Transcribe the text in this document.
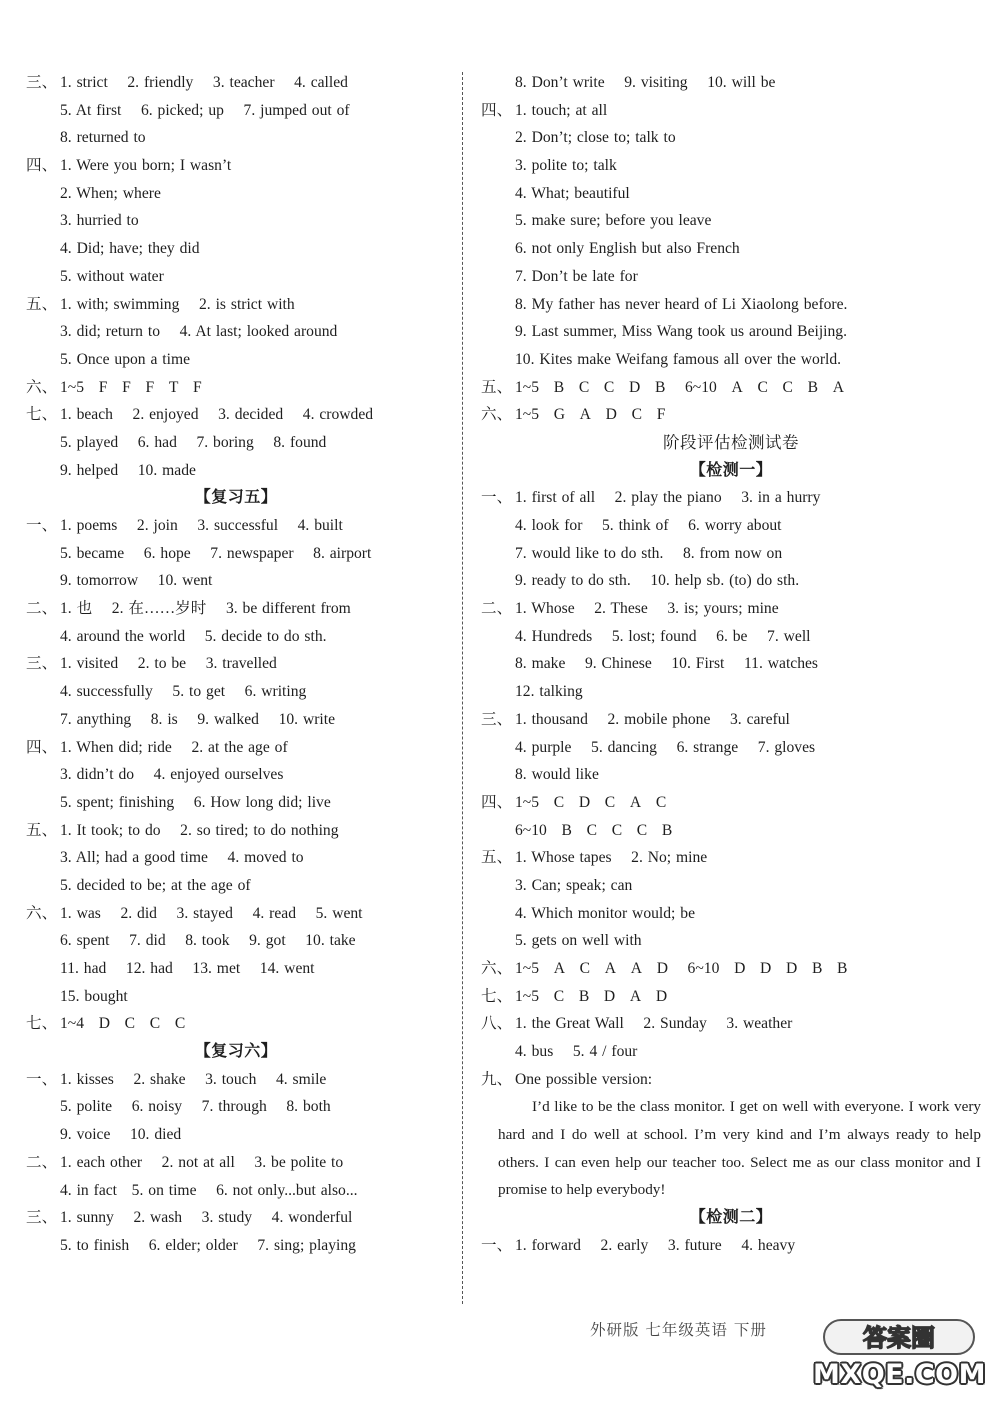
三、 1. strict    2. friendly    3. teacher    4. called
5. At first    6. picked; up    7. jumped out of
8. returned to
四、 1. Were you born; I wasn’t
2. When; where
3. hurried to
4. Did; have; they did
5. without water
五、 1. with; swimming    2. is strict with
3. did; return to    4. At last; looked around
5. Once upon a time
六、 1~5   F   F   F   T   F
七、 1. beach    2. enjoyed    3. decided    4. crowded
5. played    6. had    7. boring    8. found
9. helped    10. made
【复习五】
一、 1. poems    2. join    3. successful    4. built
5. became    6. hope    7. newspaper    8. airport
9. tomorrow    10. went
二、 1. 也    2. 在……岁时    3. be different from
4. around the world    5. decide to do sth.
三、 1. visited    2. to be    3. travelled
4. successfully    5. to get    6. writing
7. anything    8. is    9. walked    10. write
四、 1. When did; ride    2. at the age of
3. didn’t do    4. enjoyed ourselves
5. spent; finishing    6. How long did; live
五、 1. It took; to do    2. so tired; to do nothing
3. All; had a good time    4. moved to
5. decided to be; at the age of
六、 1. was    2. did    3. stayed    4. read    5. went
6. spent    7. did    8. took    9. got    10. take
11. had    12. had    13. met    14. went
15. bought
七、 1~4   D   C   C   C
【复习六】
一、 1. kisses    2. shake    3. touch    4. smile
5. polite    6. noisy    7. through    8. both
9. voice    10. died
二、 1. each other    2. not at all    3. be polite to
4. in fact   5. on time    6. not only...but also...
三、 1. sunny    2. wash    3. study    4. wonderful
5. to finish    6. elder; older    7. sing; playing
8. Don’t write    9. visiting    10. will be
四、 1. touch; at all
2. Don’t; close to; talk to
3. polite to; talk
4. What; beautiful
5. make sure; before you leave
6. not only English but also French
7. Don’t be late for
8. My father has never heard of Li Xiaolong before.
9. Last summer, Miss Wang took us around Beijing.
10. Kites make Weifang famous all over the world.
五、 1~5   B   C   C   D   B    6~10   A   C   C   B   A
六、 1~5   G   A   D   C   F
阶段评估检测试卷
【检测一】
一、 1. first of all    2. play the piano    3. in a hurry
4. look for    5. think of    6. worry about
7. would like to do sth.    8. from now on
9. ready to do sth.    10. help sb. (to) do sth.
二、 1. Whose    2. These    3. is; yours; mine
4. Hundreds    5. lost; found    6. be    7. well
8. make    9. Chinese    10. First    11. watches
12. talking
三、 1. thousand    2. mobile phone    3. careful
4. purple    5. dancing    6. strange    7. gloves
8. would like
四、 1~5   C   D   C   A   C
6~10   B   C   C   C   B
五、 1. Whose tapes    2. No; mine
3. Can; speak; can
4. Which monitor would; be
5. gets on well with
六、 1~5   A   C   A   A   D    6~10   D   D   D   B   B
七、 1~5   C   B   D   A   D
八、 1. the Great Wall    2. Sunday    3. weather
4. bus    5. 4 / four
九、 One possible version:
I’d like to be the class monitor. I get on well with everyone. I work very hard and I do well at school. I’m very kind and I’m always ready to help others. I can even help our teacher too. Select me as our class monitor and I promise to help everybody!
【检测二】
一、 1. forward    2. early    3. future    4. heavy
外研版 七年级英语 下册	答案圈
MXQE.COM
